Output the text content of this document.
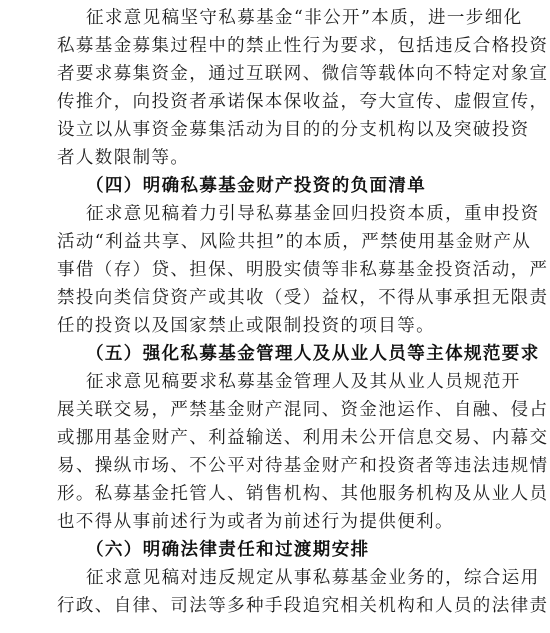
征求意见稿坚守私募基金“非公开”本质，进一步细化
私募基金募集过程中的禁止性行为要求，包括违反合格投资
者要求募集资金，通过互联网、微信等载体向不特定对象宣
传推介，向投资者承诺保本保收益，夸大宣传、虚假宣传，
设立以从事资金募集活动为目的的分支机构以及突破投资
者人数限制等。
（四）明确私募基金财产投资的负面清单
征求意见稿着力引导私募基金回归投资本质，重申投资
活动“利益共享、风险共担”的本质，严禁使用基金财产从
事借（存）贷、担保、明股实债等非私募基金投资活动，严
禁投向类信贷资产或其收（受）益权，不得从事承担无限责
任的投资以及国家禁止或限制投资的项目等。
（五）强化私募基金管理人及从业人员等主体规范要求
征求意见稿要求私募基金管理人及其从业人员规范开
展关联交易，严禁基金财产混同、资金池运作、自融、侵占
或挪用基金财产、利益输送、利用未公开信息交易、内幕交
易、操纵市场、不公平对待基金财产和投资者等违法违规情
形。私募基金托管人、销售机构、其他服务机构及从业人员
也不得从事前述行为或者为前述行为提供便利。
（六）明确法律责任和过渡期安排
征求意见稿对违反规定从事私募基金业务的，综合运用
行政、自律、司法等多种手段追究相关机构和人员的法律责
